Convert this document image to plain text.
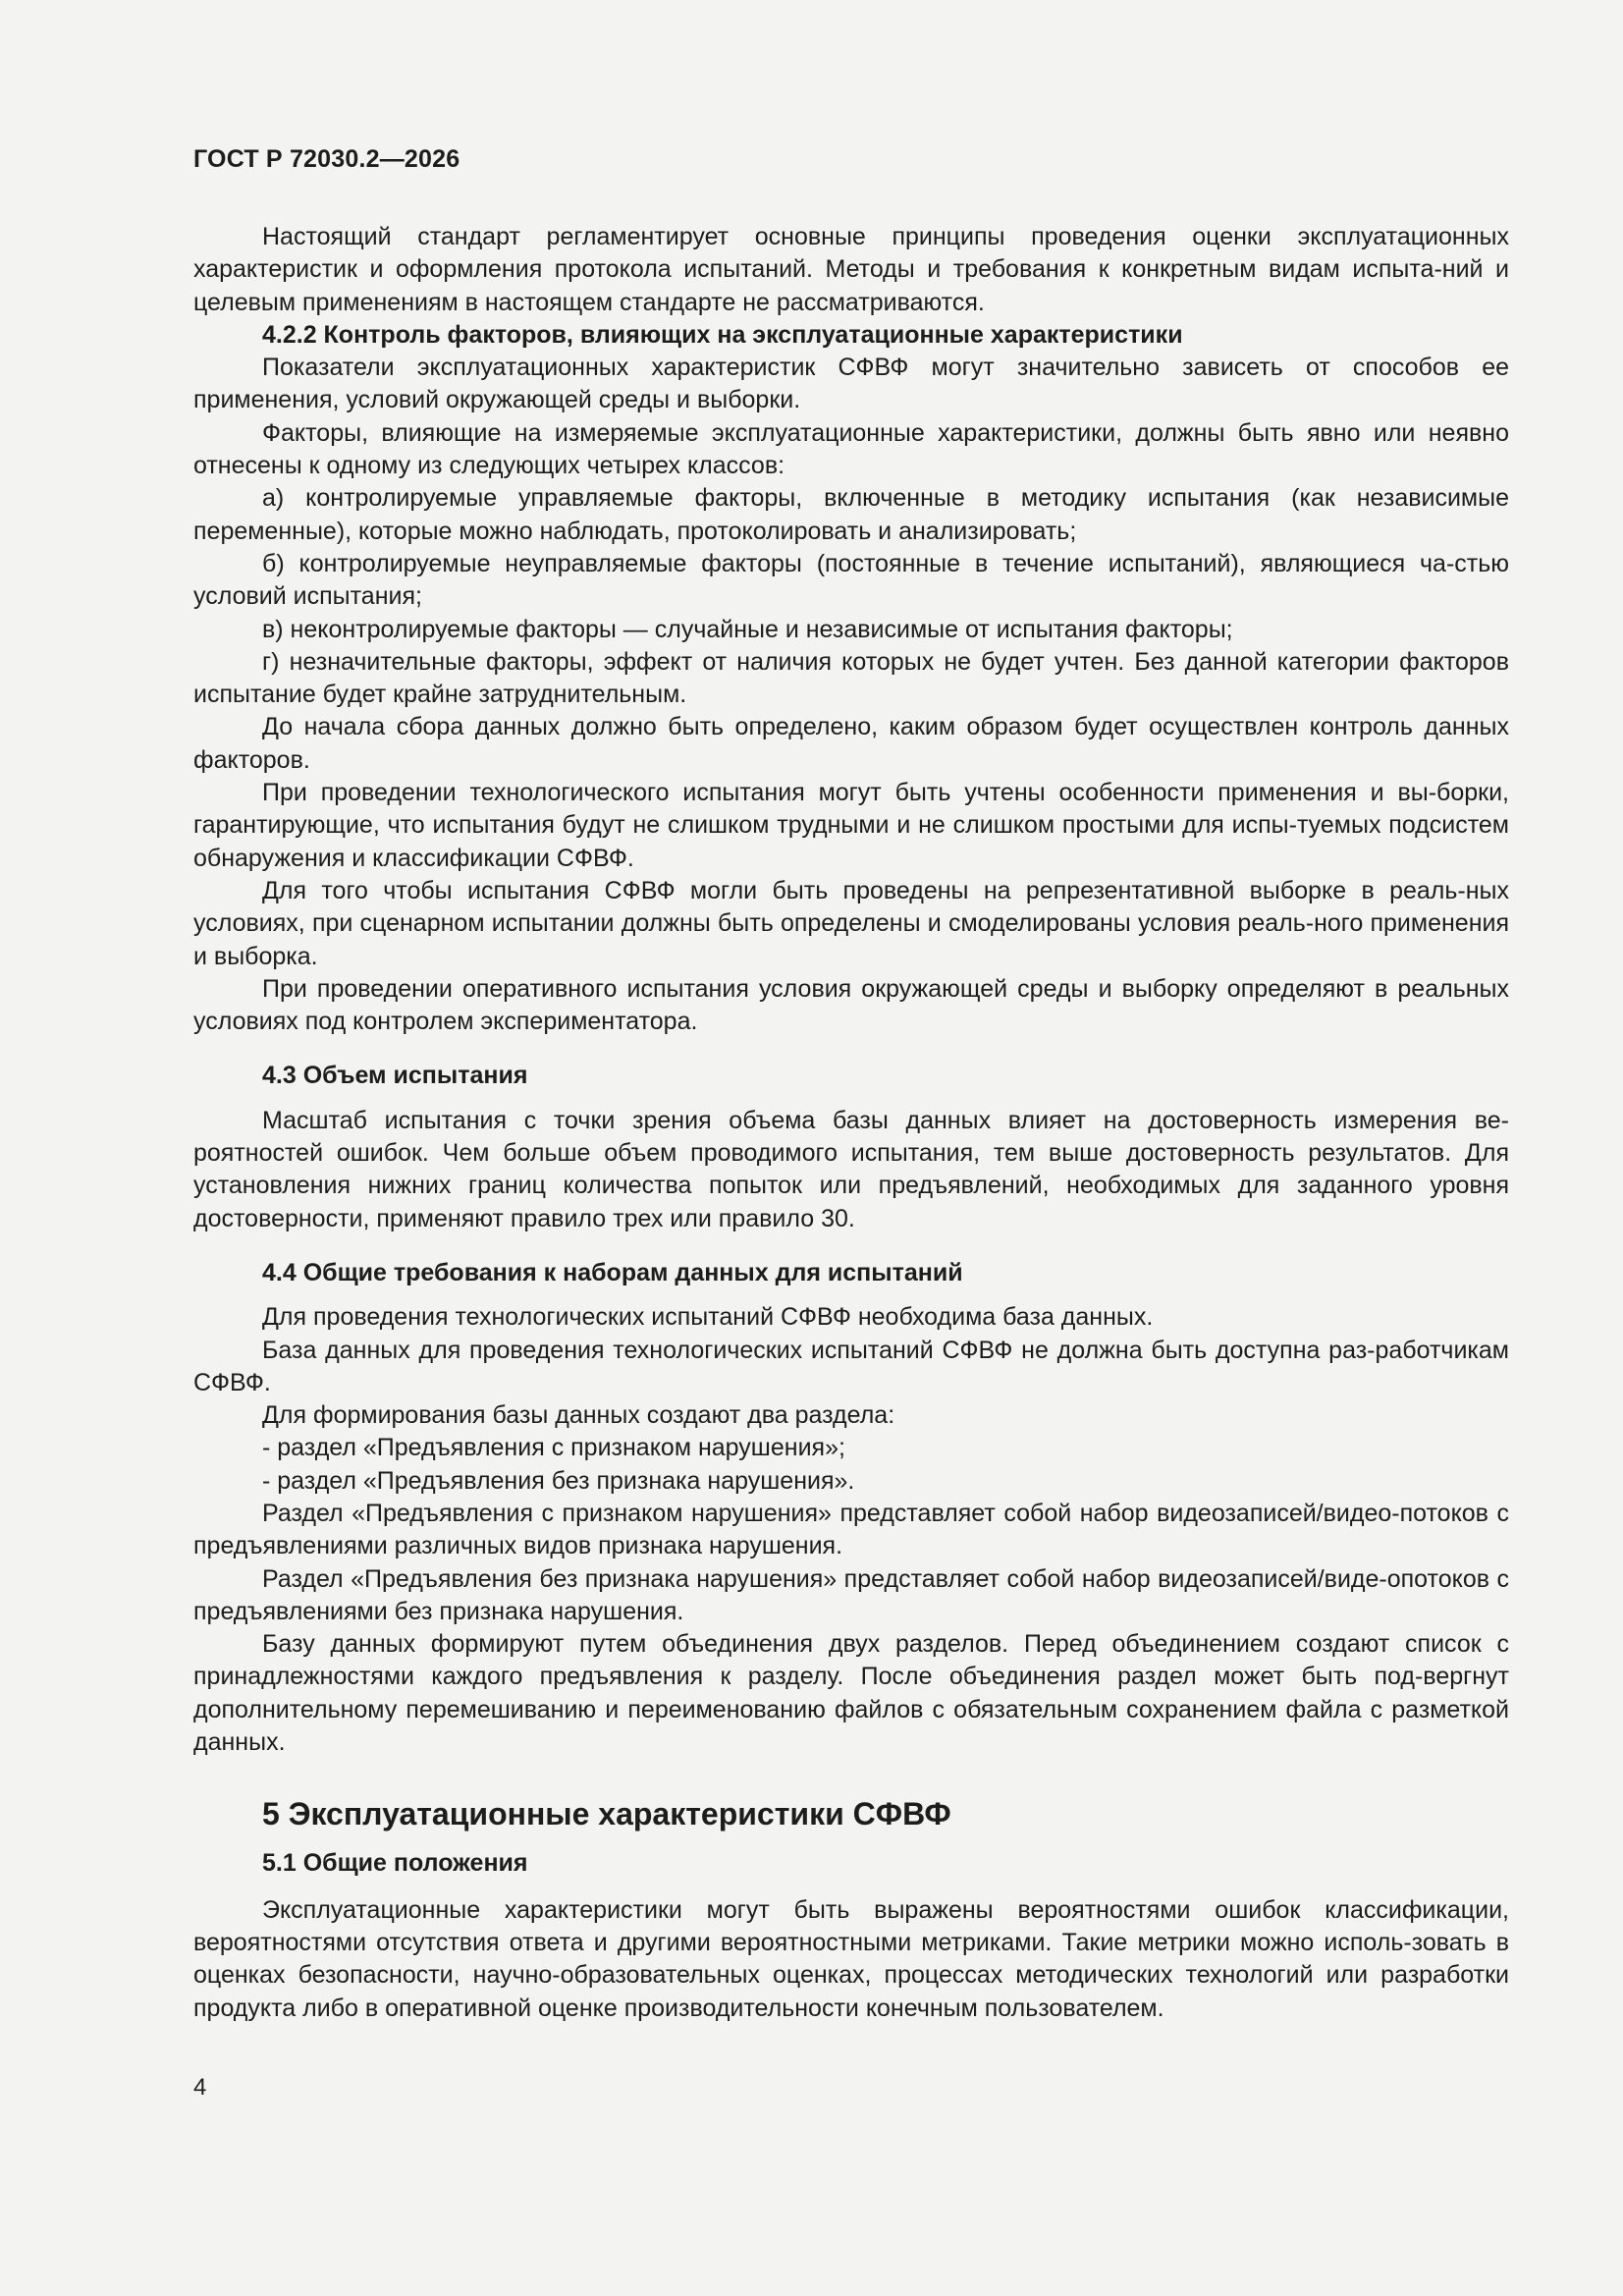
ГОСТ Р 72030.2—2026

Настоящий стандарт регламентирует основные принципы проведения оценки эксплуатационных характеристик и оформления протокола испытаний. Методы и требования к конкретным видам испыта-ний и целевым применениям в настоящем стандарте не рассматриваются.

4.2.2 Контроль факторов, влияющих на эксплуатационные характеристики

Показатели эксплуатационных характеристик СФВФ могут значительно зависеть от способов ее применения, условий окружающей среды и выборки.

Факторы, влияющие на измеряемые эксплуатационные характеристики, должны быть явно или неявно отнесены к одному из следующих четырех классов:

а) контролируемые управляемые факторы, включенные в методику испытания (как независимые переменные), которые можно наблюдать, протоколировать и анализировать;

б) контролируемые неуправляемые факторы (постоянные в течение испытаний), являющиеся ча-стью условий испытания;

в) неконтролируемые факторы — случайные и независимые от испытания факторы;

г) незначительные факторы, эффект от наличия которых не будет учтен. Без данной категории факторов испытание будет крайне затруднительным.

До начала сбора данных должно быть определено, каким образом будет осуществлен контроль данных факторов.

При проведении технологического испытания могут быть учтены особенности применения и вы-борки, гарантирующие, что испытания будут не слишком трудными и не слишком простыми для испы-туемых подсистем обнаружения и классификации СФВФ.

Для того чтобы испытания СФВФ могли быть проведены на репрезентативной выборке в реаль-ных условиях, при сценарном испытании должны быть определены и смоделированы условия реаль-ного применения и выборка.

При проведении оперативного испытания условия окружающей среды и выборку определяют в реальных условиях под контролем экспериментатора.

4.3 Объем испытания

Масштаб испытания с точки зрения объема базы данных влияет на достоверность измерения ве-роятностей ошибок. Чем больше объем проводимого испытания, тем выше достоверность результатов. Для установления нижних границ количества попыток или предъявлений, необходимых для заданного уровня достоверности, применяют правило трех или правило 30.

4.4 Общие требования к наборам данных для испытаний

Для проведения технологических испытаний СФВФ необходима база данных.

База данных для проведения технологических испытаний СФВФ не должна быть доступна раз-работчикам СФВФ.

Для формирования базы данных создают два раздела:

- раздел «Предъявления с признаком нарушения»;

- раздел «Предъявления без признака нарушения».

Раздел «Предъявления с признаком нарушения» представляет собой набор видеозаписей/видео-потоков с предъявлениями различных видов признака нарушения.

Раздел «Предъявления без признака нарушения» представляет собой набор видеозаписей/виде-опотоков с предъявлениями без признака нарушения.

Базу данных формируют путем объединения двух разделов. Перед объединением создают список с принадлежностями каждого предъявления к разделу. После объединения раздел может быть под-вергнут дополнительному перемешиванию и переименованию файлов с обязательным сохранением файла с разметкой данных.

5 Эксплуатационные характеристики СФВФ
5.1 Общие положения

Эксплуатационные характеристики могут быть выражены вероятностями ошибок классификации, вероятностями отсутствия ответа и другими вероятностными метриками. Такие метрики можно исполь-зовать в оценках безопасности, научно-образовательных оценках, процессах методических технологий или разработки продукта либо в оперативной оценке производительности конечным пользователем.

4
